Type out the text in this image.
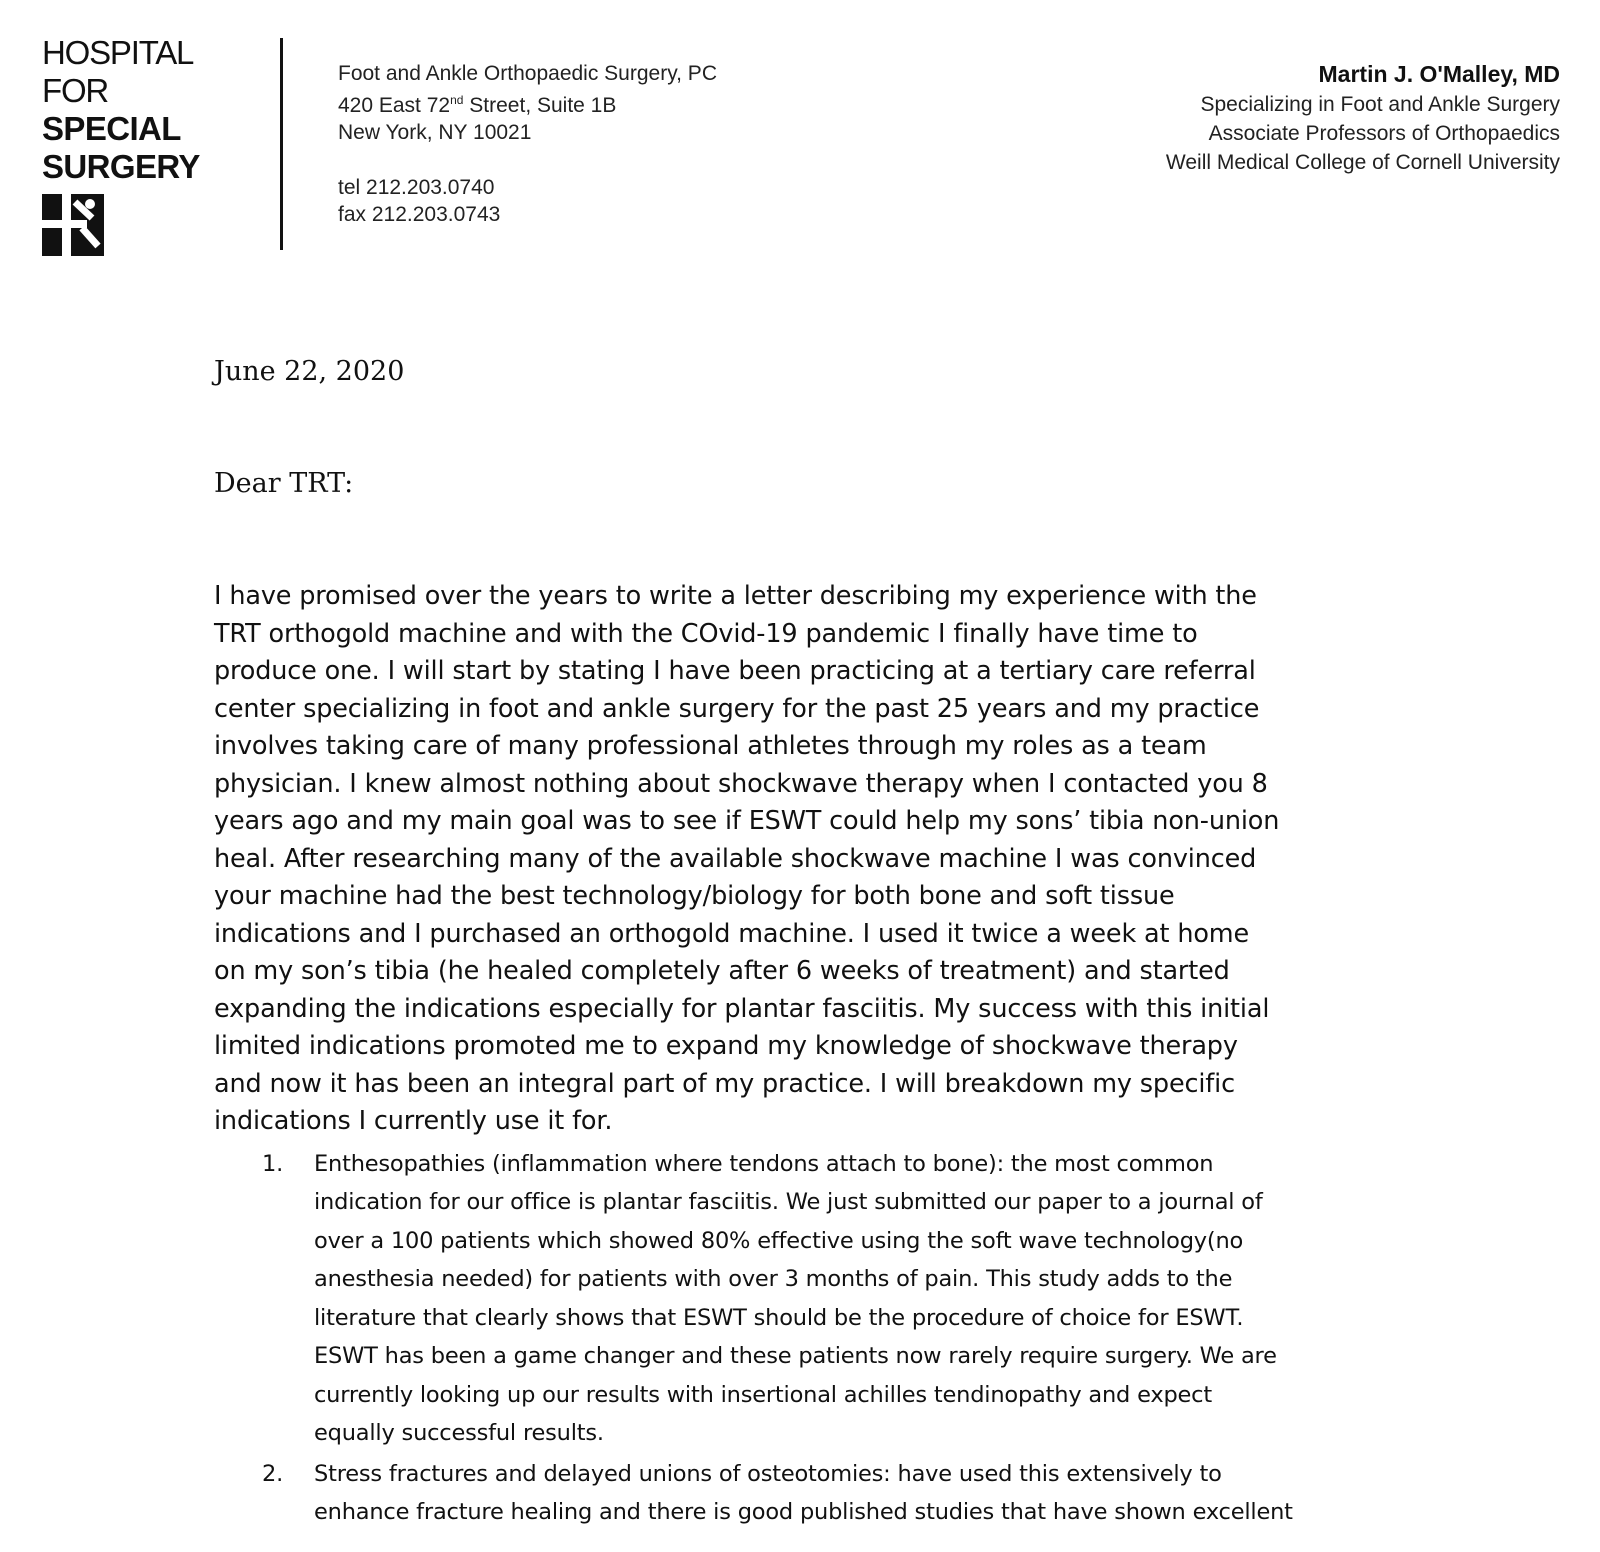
HOSPITAL
FOR
SPECIAL
SURGERY
Foot and Ankle Orthopaedic Surgery, PC
420 East 72nd Street, Suite 1B
New York, NY 10021
tel 212.203.0740
fax 212.203.0743
Martin J. O'Malley, MD
Specializing in Foot and Ankle Surgery
Associate Professors of Orthopaedics
Weill Medical College of Cornell University

June 22, 2020

Dear TRT:

I have promised over the years to write a letter describing my experience with the
TRT orthogold machine and with the COvid-19 pandemic I finally have time to
produce one. I will start by stating I have been practicing at a tertiary care referral
center specializing in foot and ankle surgery for the past 25 years and my practice
involves taking care of many professional athletes through my roles as a team
physician. I knew almost nothing about shockwave therapy when I contacted you 8
years ago and my main goal was to see if ESWT could help my sons’ tibia non-union
heal. After researching many of the available shockwave machine I was convinced
your machine had the best technology/biology for both bone and soft tissue
indications and I purchased an orthogold machine. I used it twice a week at home
on my son’s tibia (he healed completely after 6 weeks of treatment) and started
expanding the indications especially for plantar fasciitis. My success with this initial
limited indications promoted me to expand my knowledge of shockwave therapy
and now it has been an integral part of my practice. I will breakdown my specific
indications I currently use it for.
1. Enthesopathies (inflammation where tendons attach to bone): the most common
indication for our office is plantar fasciitis. We just submitted our paper to a journal of
over a 100 patients which showed 80% effective using the soft wave technology(no
anesthesia needed) for patients with over 3 months of pain. This study adds to the
literature that clearly shows that ESWT should be the procedure of choice for ESWT.
ESWT has been a game changer and these patients now rarely require surgery. We are
currently looking up our results with insertional achilles tendinopathy and expect
equally successful results.
2. Stress fractures and delayed unions of osteotomies: have used this extensively to
enhance fracture healing and there is good published studies that have shown excellent
